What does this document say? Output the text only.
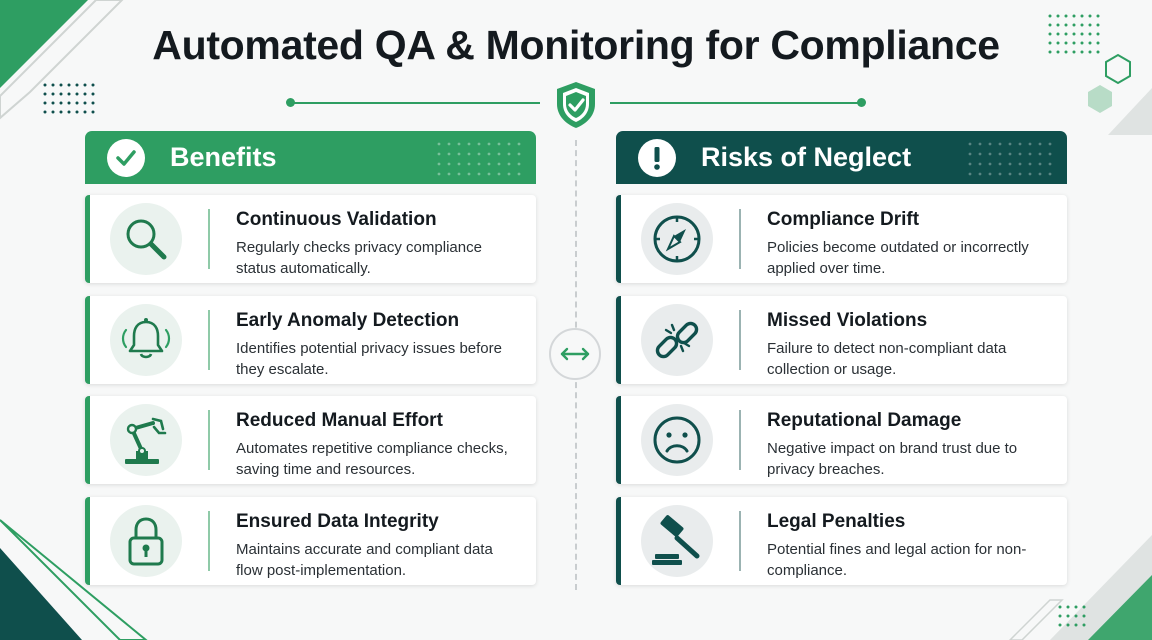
Automated QA & Monitoring for Compliance
Benefits	Risks of Neglect
Continuous Validation
Regularly checks privacy compliance status automatically.
Early Anomaly Detection
Identifies potential privacy issues before they escalate.
Reduced Manual Effort
Automates repetitive compliance checks, saving time and resources.
Ensured Data Integrity
Maintains accurate and compliant data flow post-implementation.
Compliance Drift
Policies become outdated or incorrectly applied over time.
Missed Violations
Failure to detect non-compliant data collection or usage.
Reputational Damage
Negative impact on brand trust due to privacy breaches.
Legal Penalties
Potential fines and legal action for non-compliance.
